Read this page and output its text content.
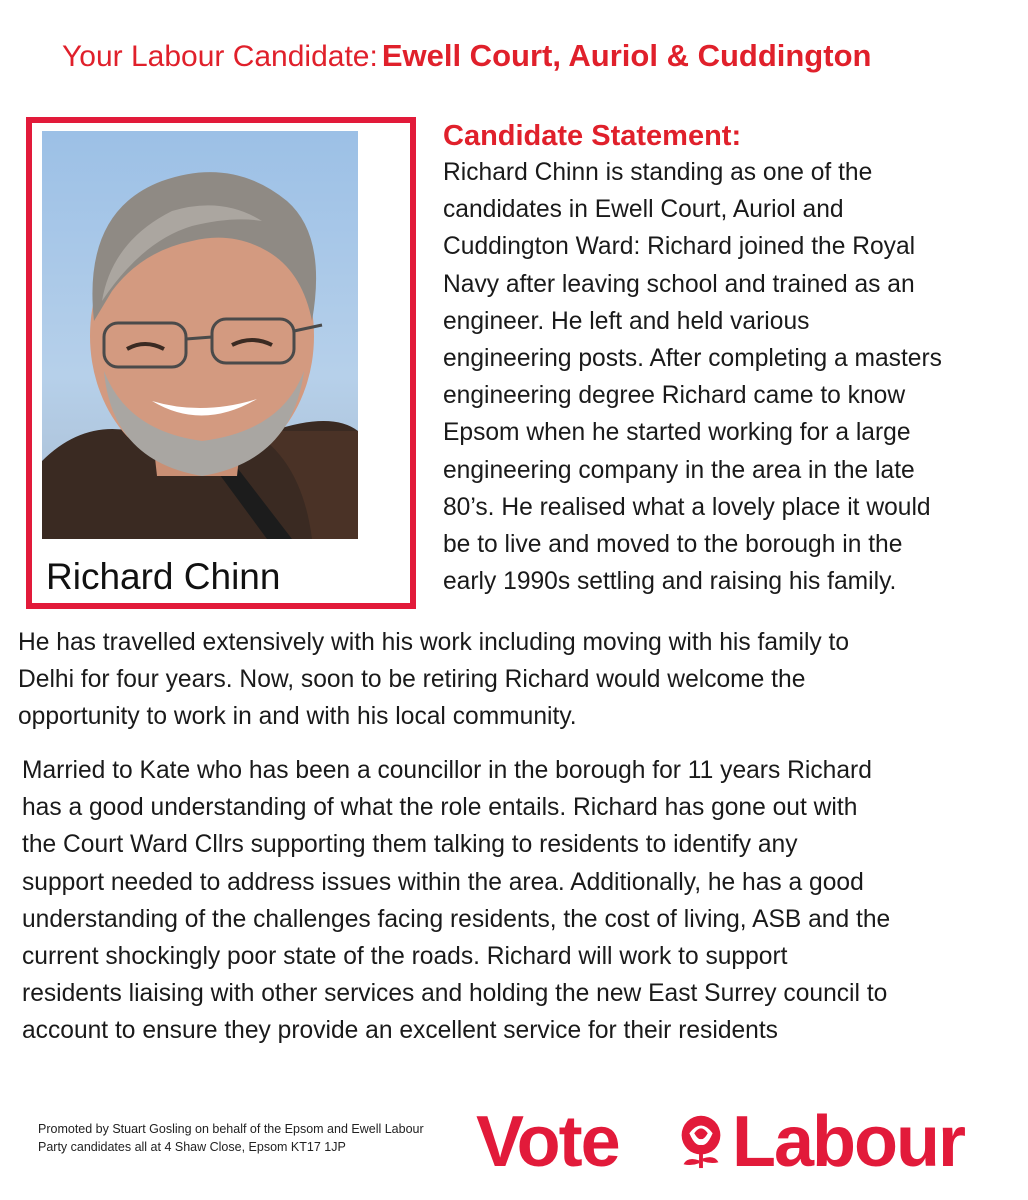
Your Labour Candidate: Ewell Court, Auriol & Cuddington
Richard Chinn
Candidate Statement:
Richard Chinn is standing as one of the
candidates in Ewell Court, Auriol and
Cuddington Ward: Richard joined the Royal
Navy after leaving school and trained as an
engineer. He left and held various
engineering posts. After completing a masters
engineering degree Richard came to know
Epsom when he started working for a large
engineering company in the area in the late
80’s. He realised what a lovely place it would
be to live and moved to the borough in the
early 1990s settling and raising his family.
He has travelled extensively with his work including moving with his family to
Delhi for four years. Now, soon to be retiring Richard would welcome the
opportunity to work in and with his local community.
Married to Kate who has been a councillor in the borough for 11 years Richard
has a good understanding of what the role entails. Richard has gone out with
the Court Ward Cllrs supporting them talking to residents to identify any
support needed to address issues within the area. Additionally, he has a good
understanding of the challenges facing residents, the cost of living, ASB and the
current shockingly poor state of the roads. Richard will work to support
residents liaising with other services and holding the new East Surrey council to
account to ensure they provide an excellent service for their residents
Promoted by Stuart Gosling on behalf of the Epsom and Ewell Labour Party candidates all at 4 Shaw Close, Epsom KT17 1JP	Vote Labour
